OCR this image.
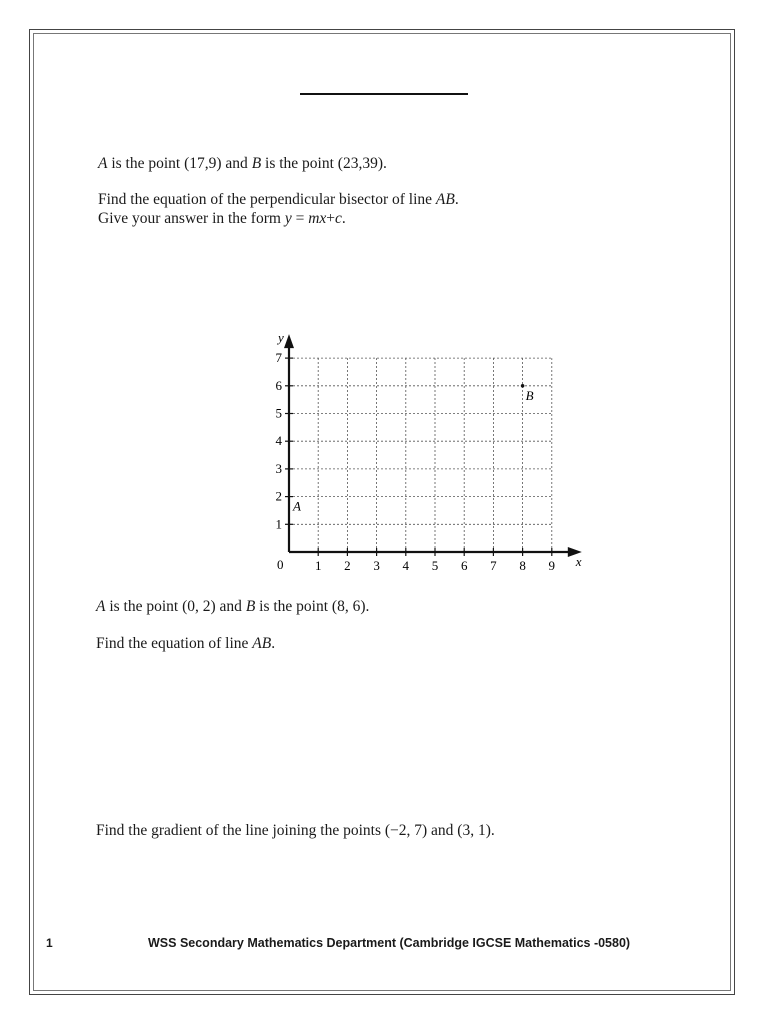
A is the point (17,9) and B is the point (23,39).
Find the equation of the perpendicular bisector of line AB.
Give your answer in the form y = mx+c.
y
x
0 1 2 3 4 5 6 7 8 9
1
2
3
4
5
6
7
A
B
A is the point (0, 2) and B is the point (8, 6).
Find the equation of line AB.
Find the gradient of the line joining the points (−2, 7) and (3, 1).
1	WSS Secondary Mathematics Department (Cambridge IGCSE Mathematics -0580)
